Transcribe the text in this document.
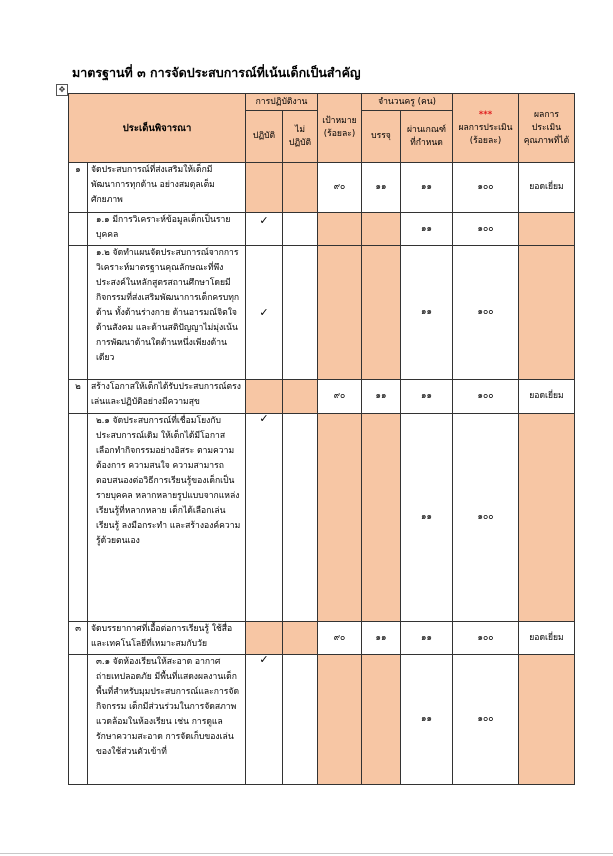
มาตรฐานที่ ๓ การจัดประสบการณ์ที่เน้นเด็กเป็นสำคัญ
✥
ประเด็นพิจารณา		การปฏิบัติงาน		เป้าหมาย (ร้อยละ)	จำนวนครู (คน)		***
ผลการประเมิน (ร้อยละ)	ผลการ ประเมิน คุณภาพที่ได้
		ปฏิบัติ	ไม่ ปฏิบัติ		บรรจุ	ผ่านเกณฑ์ ที่กำหนด		
๑	จัดประสบการณ์ที่ส่งเสริมให้เด็กมีพัฒนาการทุกด้าน อย่างสมดุลเต็มศักยภาพ			๙๐	๑๑	๑๑	๑๐๐	ยอดเยี่ยม
	๑.๑ มีการวิเคราะห์ข้อมูลเด็กเป็นรายบุคคล	✓				๑๑	๑๐๐	
	๑.๒ จัดทำแผนจัดประสบการณ์จากการวิเคราะห์มาตรฐานคุณลักษณะที่พึงประสงค์ในหลักสูตรสถานศึกษาโดยมีกิจกรรมที่ส่งเสริมพัฒนาการเด็กครบทุกด้าน ทั้งด้านร่างกาย ด้านอารมณ์จิตใจ ด้านสังคม และด้านสติปัญญาไม่มุ่งเน้นการพัฒนาด้านใดด้านหนึ่งเพียงด้านเดียว	✓				๑๑	๑๐๐	
๒	สร้างโอกาสให้เด็กได้รับประสบการณ์ตรง เล่นและปฏิบัติอย่างมีความสุข			๙๐	๑๑	๑๑	๑๐๐	ยอดเยี่ยม
	๒.๑ จัดประสบการณ์ที่เชื่อมโยงกับประสบการณ์เดิม ให้เด็กได้มีโอกาสเลือกทำกิจกรรมอย่างอิสระ ตามความต้องการ ความสนใจ ความสามารถ ตอบสนองต่อวิธีการเรียนรู้ของเด็กเป็นรายบุคคล หลากหลายรูปแบบจากแหล่งเรียนรู้ที่หลากหลาย เด็กได้เลือกเล่น เรียนรู้ ลงมือกระทำ และสร้างองค์ความรู้ด้วยตนเอง	✓				๑๑	๑๐๐	
๓	จัดบรรยากาศที่เอื้อต่อการเรียนรู้ ใช้สื่อและเทคโนโลยีที่เหมาะสมกับวัย			๙๐	๑๑	๑๑	๑๐๐	ยอดเยี่ยม
	๓.๑ จัดห้องเรียนให้สะอาด อากาศถ่ายเทปลอดภัย มีพื้นที่แสดงผลงานเด็กพื้นที่สำหรับมุมประสบการณ์และการจัดกิจกรรม เด็กมีส่วนร่วมในการจัดสภาพแวดล้อมในห้องเรียน เช่น การดูแลรักษาความสะอาด การจัดเก็บของเล่น ของใช้ส่วนตัวเข้าที่	✓				๑๑	๑๐๐	
